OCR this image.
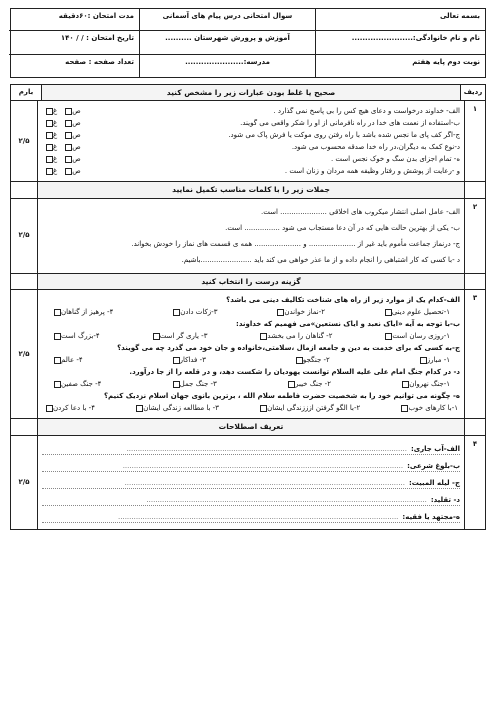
بسمه تعالی
سوال امتحانی درس پیام های آسمانی
مدت امتحان :۶۰دقیقه
نام و نام خانوادگی:.......................
آموزش و پرورش شهرستان ..........
تاریخ امتحان : / / ۱۴۰
نوبت دوم پایه هفتم
مدرسه:......................
تعداد صفحه : صفحه
ردیف
صحیح یا غلط بودن عبارات زیر را مشخص کنید
بارم
۱
الف- خداوند درخواست و دعای هیچ کس را بی پاسخ نمی گذارد .
ص
غ
ب-استفاده از نعمت های خدا در راه نافرمانی از او را شکر واقعی می گویند.
ص
غ
ج-اگر کف پای ما نجس شده باشد با راه رفتن روی موکت یا فرش پاک می شود.
ص
غ
د-نوع کمک به دیگران،در راه خدا صدقه محسوب می شود.
ص
غ
ه- تمام اجزای بدن سگ و خوک نجس است .
ص
غ
و -رعایت از پوشش و رفتار وظیفه همه مردان و زنان است .
ص
غ
۲/۵
جملات زیر را با کلمات مناسب تکمیل نمایید
۲
الف- عامل اصلی انتشار میکروب های اخلاقی ..................... است.
ب- یکی از بهترین حالت هایی که در آن دعا مستجاب می شود ................ است.
ج- درنماز جماعت مأموم باید غیر از ..................... و ..................... همه ی قسمت های نماز را خودش بخواند.
د -با کسی که کار اشتباهی را انجام داده و از ما عذر خواهی می کند باید .......................باشیم.
۲/۵
گزینه درست را انتخاب کنید
۳
الف-کدام یک از موارد زیر از راه های شناخت تکالیف دینی می باشد؟
۱-تحصیل علوم دینی
۲-نماز خواندن
۳-زکات دادن
۴- پرهیز از گناهان
ب-با توجه به آیه «ایاک نعبد و ایاک نستعین»می فهمیم که خداوند:
۱-روزی رسان است
۲- گناهان را می بخشد
۳- یاری گر است
۴-بزرگ است
ج-به کسی که برای خدمت به دین و جامعه ازمال ،سلامتی،خانواده و جان خود می گذرد چه می گویند؟
۱- مبارز
۲- جنگجو
۳- فداکار
۴- عالم
د- در کدام جنگ امام علی علیه السلام توانست یهودیان را شکست دهد، و در قلعه را از جا درآورد.
۱-جنگ نهروان
۲- جنگ خیبر
۳- جنگ جمل
۴- جنگ صفین
ه- چگونه می توانیم خود را به شخصیت حضرت فاطمه سلام الله ، برترین بانوی جهان اسلام نزدیک کنیم؟
۱-با کارهای خوب
۲-با الگو گرفتن ازززندگی ایشان
۳- با مطالعه زندگی ایشان
۴- با دعا کردن
۲/۵
تعریف اصطلاحات
۴
الف-آب جاری:
..............................................................................................................................
ب-بلوغ شرعی:
..............................................................................................................................
ج- لیله المبیت:
..............................................................................................................................
د- تقلید:
..............................................................................................................................
ه-مجتهد یا فقیه:
..............................................................................................................................
۲/۵
